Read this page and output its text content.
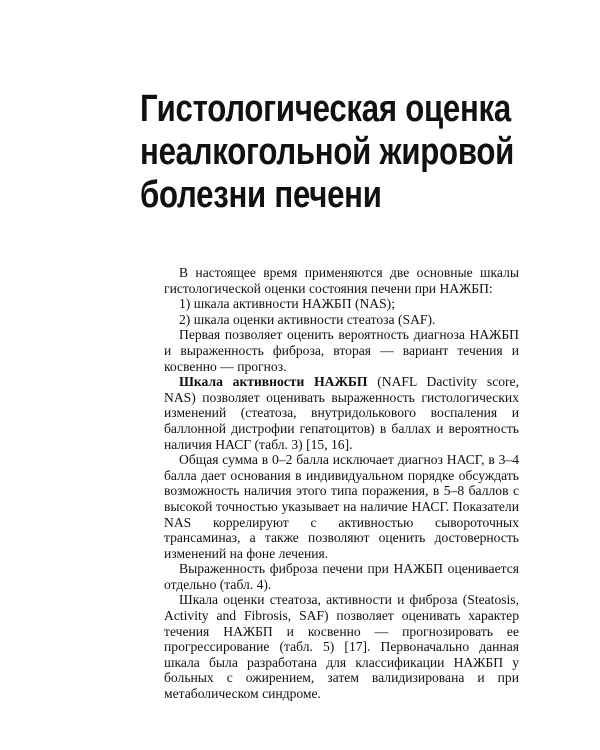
Гистологическая оценка
неалкогольной жировой
болезни печени

В настоящее время применяются две основные шкалы гистологической оценки состояния печени при НАЖБП:

1) шкала активности НАЖБП (NAS);

2) шкала оценки активности стеатоза (SAF).

Первая позволяет оценить вероятность диагноза НАЖБП и выраженность фиброза, вторая — вариант течения и косвенно — прогноз.

Шкала активности НАЖБП (NAFL Dactivity score, NAS) позволяет оценивать выраженность гистологических изменений (стеатоза, внутридолькового воспаления и баллонной дистрофии гепатоцитов) в баллах и вероятность наличия НАСГ (табл. 3) [15, 16].

Общая сумма в 0–2 балла исключает диагноз НАСГ, в 3–4 балла дает основания в индивидуальном порядке обсуждать возможность наличия этого типа поражения, в 5–8 баллов с высокой точностью указывает на наличие НАСГ. Показатели NAS коррелируют с активностью сывороточных трансаминаз, а также позволяют оценить достоверность изменений на фоне лечения.

Выраженность фиброза печени при НАЖБП оценивается отдельно (табл. 4).

Шкала оценки стеатоза, активности и фиброза (Steatosis, Activity and Fibrosis, SAF) позволяет оценивать характер течения НАЖБП и косвенно — прогнозировать ее прогрессирование (табл. 5) [17]. Первоначально данная шкала была разработана для классификации НАЖБП у больных с ожирением, затем валидизирована и при метаболическом синдроме.
